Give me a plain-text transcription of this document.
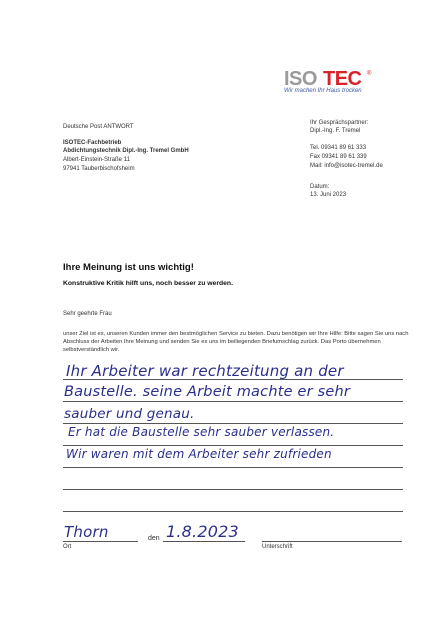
ISO TEC ®
Wir machen Ihr Haus trocken
Deutsche Post ANTWORT
ISOTEC-Fachbetrieb
Abdichtungstechnik Dipl.-Ing. Tremel GmbH
Albert-Einstein-Straße 11
97941 Tauberbischofsheim
Ihr Gesprächspartner:
Dipl.-Ing. F. Tremel
Tel. 09341 89 61 333
Fax 09341 89 61 339
Mail: info@isotec-tremel.de
Datum:
13. Juni 2023
Ihre Meinung ist uns wichtig!
Konstruktive Kritik hilft uns, noch besser zu werden.
Sehr geehrte Frau
unser Ziel ist es, unseren Kunden immer den bestmöglichen Service zu bieten. Dazu benötigen wir Ihre Hilfe: Bitte sagen Sie uns nach Abschluss der Arbeiten Ihre Meinung und senden Sie es uns im beiliegenden Briefumschlag zurück. Das Porto übernehmen selbstverständlich wir.
Ihr Arbeiter war rechtzeitung an der
Baustelle. seine Arbeit machte er sehr
sauber und genau.
Er hat die Baustelle sehr sauber verlassen.
Wir waren mit dem Arbeiter sehr zufrieden
Thorn
Ort
den 1.8.2023
Unterschrift
